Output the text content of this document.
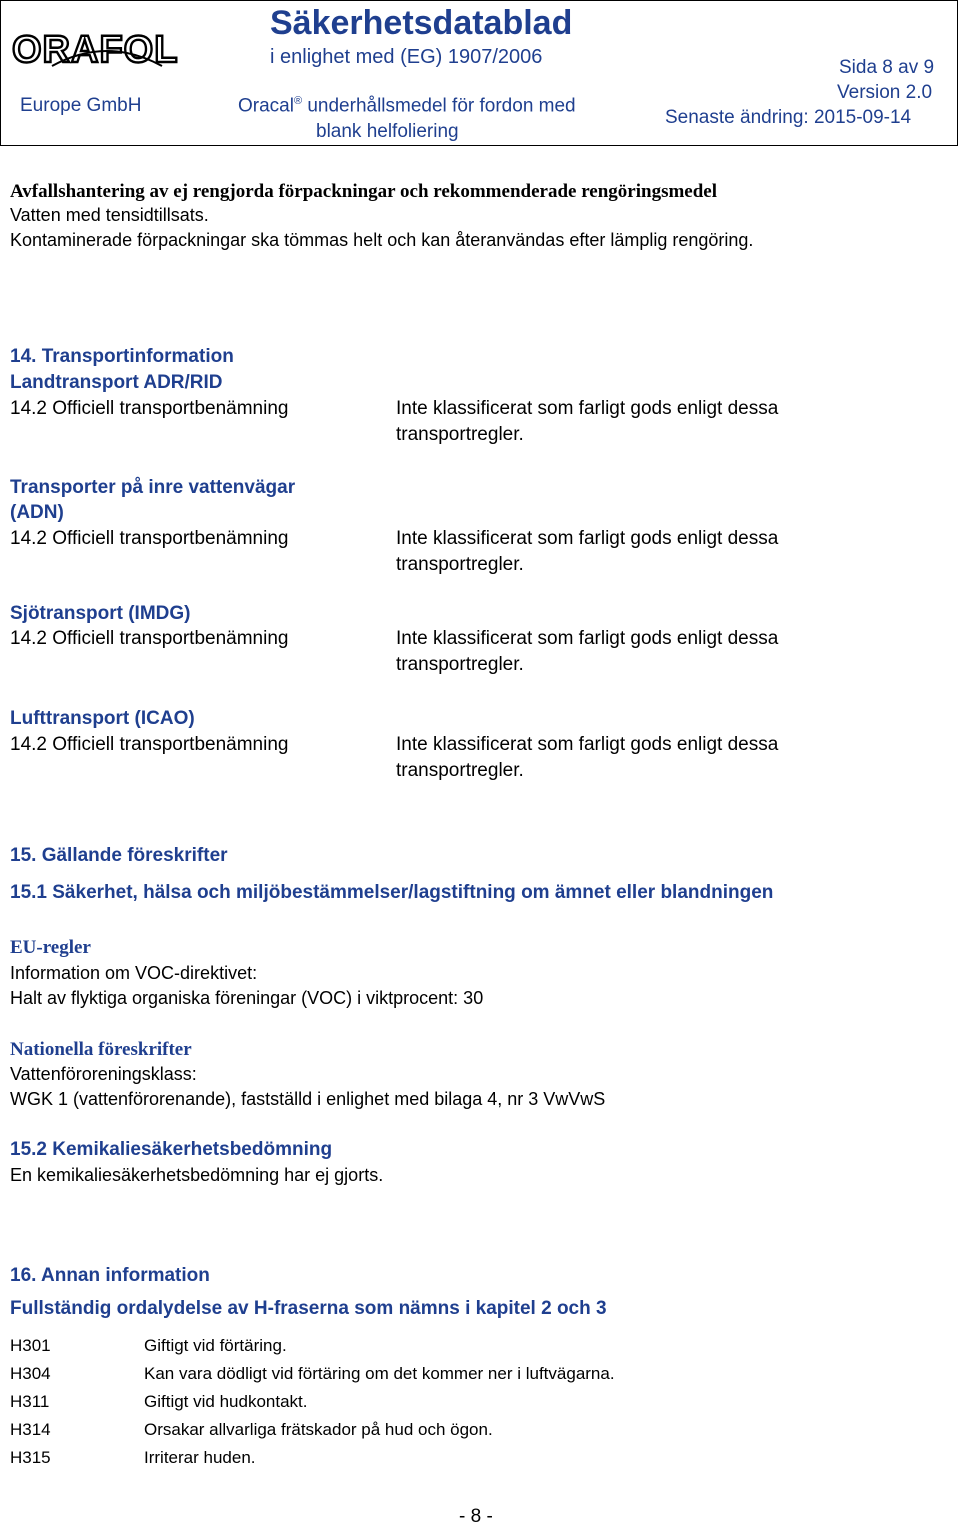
ORAFOL
Europe GmbH
Säkerhetsdatablad
i enlighet med (EG) 1907/2006
Oracal® underhållsmedel för fordon med
blank helfoliering
Sida 8 av 9
Version 2.0
Senaste ändring: 2015-09-14
Avfallshantering av ej rengjorda förpackningar och rekommenderade rengöringsmedel
Vatten med tensidtillsats.
Kontaminerade förpackningar ska tömmas helt och kan återanvändas efter lämplig rengöring.
14. Transportinformation
Landtransport ADR/RID
14.2 Officiell transportbenämning	Inte klassificerat som farligt gods enligt dessa
transportregler.
Transporter på inre vattenvägar
(ADN)
14.2 Officiell transportbenämning	Inte klassificerat som farligt gods enligt dessa
transportregler.
Sjötransport (IMDG)
14.2 Officiell transportbenämning	Inte klassificerat som farligt gods enligt dessa
transportregler.
Lufttransport (ICAO)
14.2 Officiell transportbenämning	Inte klassificerat som farligt gods enligt dessa
transportregler.
15. Gällande föreskrifter
15.1 Säkerhet, hälsa och miljöbestämmelser/lagstiftning om ämnet eller blandningen
EU-regler
Information om VOC-direktivet:
Halt av flyktiga organiska föreningar (VOC) i viktprocent: 30
Nationella föreskrifter
Vattenföroreningsklass:
WGK 1 (vattenförorenande), fastställd i enlighet med bilaga 4, nr 3 VwVwS
15.2 Kemikaliesäkerhetsbedömning
En kemikaliesäkerhetsbedömning har ej gjorts.
16. Annan information
Fullständig ordalydelse av H-fraserna som nämns i kapitel 2 och 3
H301	Giftigt vid förtäring.
H304	Kan vara dödligt vid förtäring om det kommer ner i luftvägarna.
H311	Giftigt vid hudkontakt.
H314	Orsakar allvarliga frätskador på hud och ögon.
H315	Irriterar huden.
- 8 -
